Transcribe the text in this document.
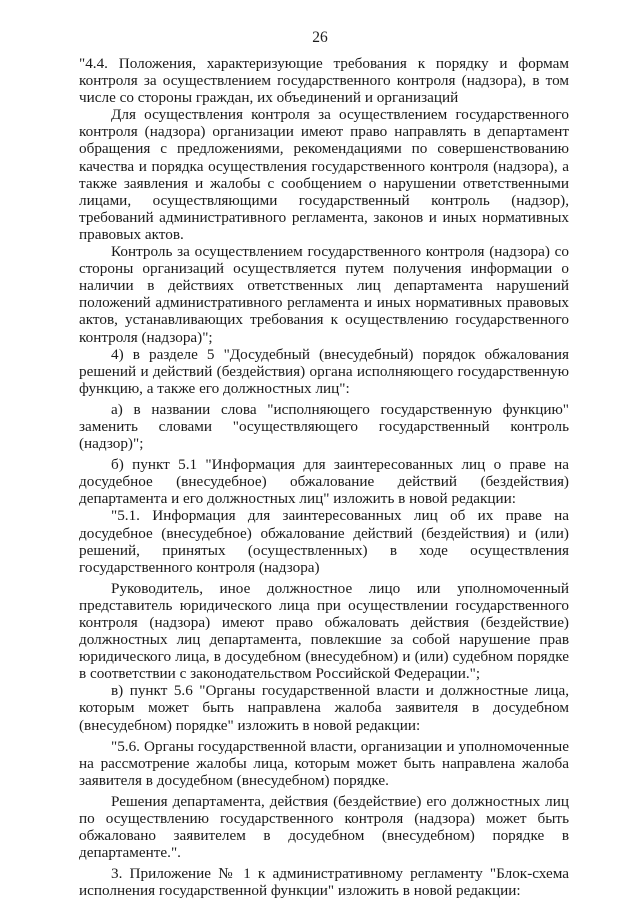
26

"4.4. Положения, характеризующие требования к порядку и формам контроля за осуществлением государственного контроля (надзора), в том числе со стороны граждан, их объединений и организаций

Для осуществления контроля за осуществлением государственного контроля (надзора) организации имеют право направлять в департамент обращения с предложениями, рекомендациями по совершенствованию качества и порядка осуществления государственного контроля (надзора), а также заявления и жалобы с сообщением о нарушении ответственными лицами, осуществляющими государственный контроль (надзор), требований административного регламента, законов и иных нормативных правовых актов.

Контроль за осуществлением государственного контроля (надзора) со стороны организаций осуществляется путем получения информации о наличии в действиях ответственных лиц департамента нарушений положений административного регламента и иных нормативных правовых актов, устанавливающих требования к осуществлению государственного контроля (надзора)";

4) в разделе 5 "Досудебный (внесудебный) порядок обжалования решений и действий (бездействия) органа исполняющего государственную функцию, а также его должностных лиц":

а) в названии слова "исполняющего государственную функцию" заменить словами "осуществляющего государственный контроль (надзор)";

б) пункт 5.1 "Информация для заинтересованных лиц о праве на досудебное (внесудебное) обжалование действий (бездействия) департамента и его должностных лиц" изложить в новой редакции:

"5.1. Информация для заинтересованных лиц об их праве на досудебное (внесудебное) обжалование действий (бездействия) и (или) решений, принятых (осуществленных) в ходе осуществления государственного контроля (надзора)

Руководитель, иное должностное лицо или уполномоченный представитель юридического лица при осуществлении государственного контроля (надзора) имеют право обжаловать действия (бездействие) должностных лиц департамента, повлекшие за собой нарушение прав юридического лица, в досудебном (внесудебном) и (или) судебном порядке в соответствии с законодательством Российской Федерации.";

в) пункт 5.6 "Органы государственной власти и должностные лица, которым может быть направлена жалоба заявителя в досудебном (внесудебном) порядке" изложить в новой редакции:

"5.6. Органы государственной власти, организации и уполномоченные на рассмотрение жалобы лица, которым может быть направлена жалоба заявителя в досудебном (внесудебном) порядке.

Решения департамента, действия (бездействие) его должностных лиц по осуществлению государственного контроля (надзора) может быть обжаловано заявителем в досудебном (внесудебном) порядке в департаменте.".

3. Приложение № 1 к административному регламенту "Блок-схема исполнения государственной функции" изложить в новой редакции:
